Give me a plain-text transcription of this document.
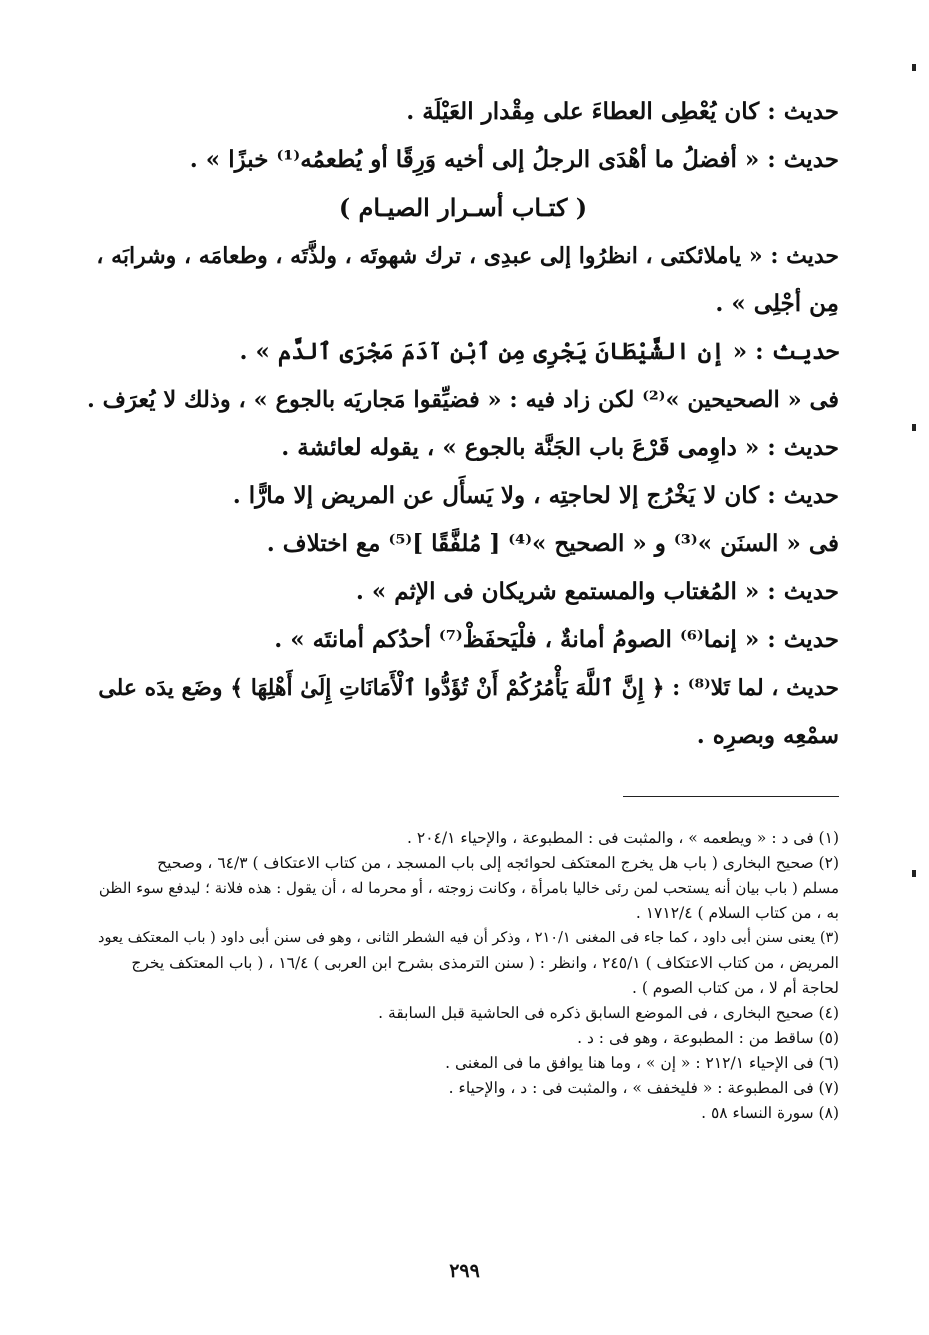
حديث : كان يُعْطِى العطاءَ على مِقْدار العَيْلَة .
حديث : « أفضلُ ما أهْدَى الرجلُ إلى أخيه وَرِقًا أو يُطعمُه⁽¹⁾ خبزًا » .
( كتـاب أسـرار الصيـام )
حديث : « ياملائكتى ، انظرُوا إلى عبدِى ، ترك شهوتَه ، ولذَّتَه ، وطعامَه ، وشرابَه ،
مِن أجْلِى » .
حديث : « إن الشَّيْطَانَ يَجْرِى مِنِ ٱبْنِ آدَمَ مَجْرَى ٱلدَّم » .
فى « الصحيحين »⁽²⁾ لكن زاد فيه : « فضيِّقوا مَجاريَه بالجوع » ، وذلك لا يُعرَف .
حديث : « داوِمى قَرْعَ باب الجَنَّة بالجوع » ، يقوله لعائشة .
حديث : كان لا يَخْرُج إلا لحاجتِه ، ولا يَسأَل عن المريض إلا مارًّا .
فى « السنَن »⁽³⁾ و « الصحيح »⁽⁴⁾ [ مُلفَّقًا ]⁽⁵⁾ مع اختلاف .
حديث : « المُغتاب والمستمع شريكان فى الإثم » .
حديث : « إنما⁽⁶⁾ الصومُ أمانةٌ ، فلْيَحفَظْ⁽⁷⁾ أحدُكم أمانتَه » .
حديث ، لما تَلا⁽⁸⁾ : ﴿ إِنَّ ٱللَّهَ يَأْمُرُكُمْ أَنْ تُؤَدُّوا ٱلْأَمَانَاتِ إِلَىٰ أَهْلِهَا ﴾ وضَع يدَه على
سمْعِه وبصرِه .
(١) فى د : « ويطعمه » ، والمثبت فى : المطبوعة ، والإحياء ٢٠٤/١ .
(٢) صحيح البخارى ( باب هل يخرج المعتكف لحوائجه إلى باب المسجد ، من كتاب الاعتكاف ) ٦٤/٣ ، وصحيح
مسلم ( باب بيان أنه يستحب لمن رئى خاليا بامرأة ، وكانت زوجته ، أو محرما له ، أن يقول : هذه فلانة ؛ ليدفع سوء الظن
به ، من كتاب السلام ) ١٧١٢/٤ .
(٣) يعنى سنن أبى داود ، كما جاء فى المغنى ٢١٠/١ ، وذكر أن فيه الشطر الثانى ، وهو فى سنن أبى داود ( باب المعتكف يعود
المريض ، من كتاب الاعتكاف ) ٢٤٥/١ ، وانظر : ( سنن الترمذى بشرح ابن العربى ) ١٦/٤ ، ( باب المعتكف يخرج
لحاجة أم لا ، من كتاب الصوم ) .
(٤) صحيح البخارى ، فى الموضع السابق ذكره فى الحاشية قبل السابقة .
(٥) ساقط من : المطبوعة ، وهو فى : د .
(٦) فى الإحياء ٢١٢/١ : « إن » ، وما هنا يوافق ما فى المغنى .
(٧) فى المطبوعة : « فليخفف » ، والمثبت فى : د ، والإحياء .
(٨) سورة النساء ٥٨ .
٢٩٩
